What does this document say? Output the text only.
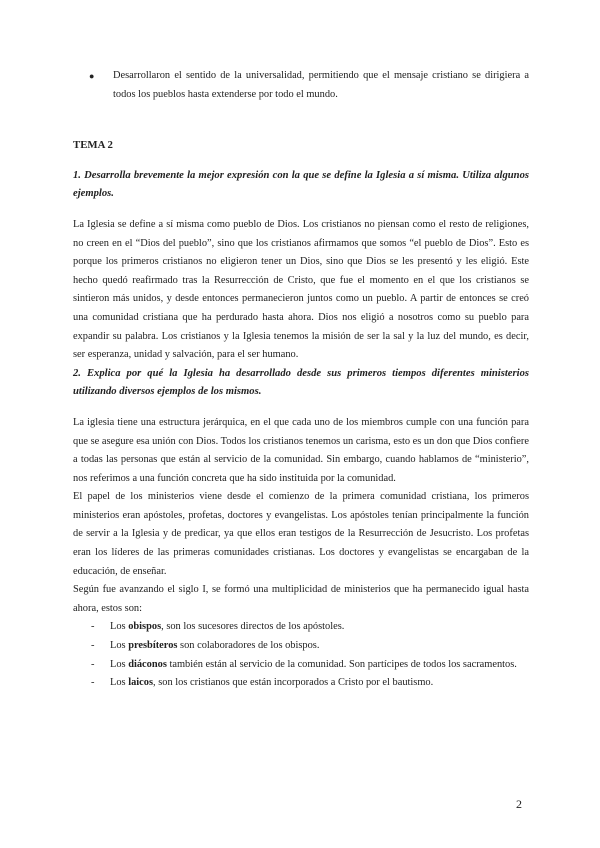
● Desarrollaron el sentido de la universalidad, permitiendo que el mensaje cristiano se dirigiera a todos los pueblos hasta extenderse por todo el mundo.

TEMA 2

1. Desarrolla brevemente la mejor expresión con la que se define la Iglesia a sí misma. Utiliza algunos ejemplos.

La Iglesia se define a sí misma como pueblo de Dios. Los cristianos no piensan como el resto de religiones, no creen en el “Dios del pueblo”, sino que los cristianos afirmamos que somos “el pueblo de Dios”. Esto es porque los primeros cristianos no eligieron tener un Dios, sino que Dios se les presentó y les eligió. Este hecho quedó reafirmado tras la Resurrección de Cristo, que fue el momento en el que los cristianos se sintieron más unidos, y desde entonces permanecieron juntos como un pueblo. A partir de entonces se creó una comunidad cristiana que ha perdurado hasta ahora. Dios nos eligió a nosotros como su pueblo para expandir su palabra. Los cristianos y la Iglesia tenemos la misión de ser la sal y la luz del mundo, es decir, ser esperanza, unidad y salvación, para el ser humano.

2. Explica por qué la Iglesia ha desarrollado desde sus primeros tiempos diferentes ministerios utilizando diversos ejemplos de los mismos.

La iglesia tiene una estructura jerárquica, en el que cada uno de los miembros cumple con una función para que se asegure esa unión con Dios. Todos los cristianos tenemos un carisma, esto es un don que Dios confiere a todas las personas que están al servicio de la comunidad. Sin embargo, cuando hablamos de “ministerio”, nos referimos a una función concreta que ha sido instituida por la comunidad.

El papel de los ministerios viene desde el comienzo de la primera comunidad cristiana, los primeros ministerios eran apóstoles, profetas, doctores y evangelistas. Los apóstoles tenían principalmente la función de servir a la Iglesia y de predicar, ya que ellos eran testigos de la Resurrección de Jesucristo. Los profetas eran los líderes de las primeras comunidades cristianas. Los doctores y evangelistas se encargaban de la educación, de enseñar.

Según fue avanzando el siglo I, se formó una multiplicidad de ministerios que ha permanecido igual hasta ahora, estos son:

- Los obispos, son los sucesores directos de los apóstoles.
- Los presbíteros son colaboradores de los obispos.
- Los diáconos también están al servicio de la comunidad. Son partícipes de todos los sacramentos.
- Los laicos, son los cristianos que están incorporados a Cristo por el bautismo.
2
